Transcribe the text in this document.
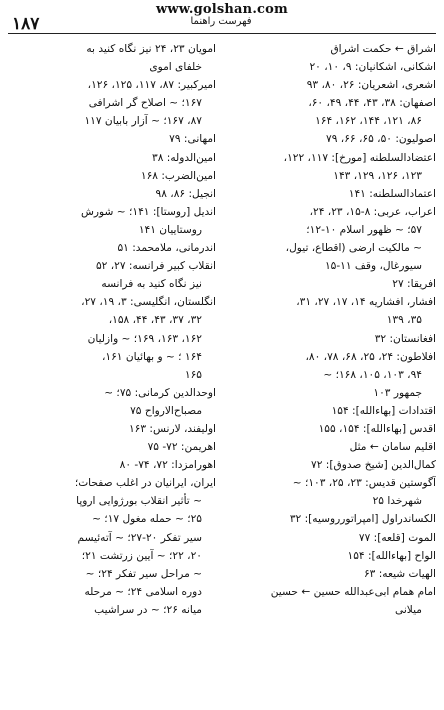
www.golshan.com
۱۸۷	فهرست راهنما
اشراق ← حکمت اشراق
اشکانی، اشکانیان: ۹، ۱۰، ۲۰
اشعری، اشعریان: ۲۶، ۸۰، ۹۳
اصفهان: ۳۸، ۴۳، ۴۴، ۴۹، ۶۰،
۸۶، ۱۲۱، ۱۴۴، ۱۶۲، ۱۶۴
اصولیون: ۵۰، ۶۵، ۶۶، ۷۹
اعتضادالسلطنه [مورخ]: ۱۱۷، ۱۲۲،
۱۲۳، ۱۲۶، ۱۲۹، ۱۴۳
اعتمادالسلطنه: ۱۴۱
اعراب، عربی: ۸-۱۵، ۲۳، ۲۴،
۵۷؛ ~ ظهور اسلام ۱۰-۱۲؛
~ مالکیت ارضی (اقطاع، تیول،
سیورغال، وقف ۱۱-۱۵
افریقا: ۲۷
افشار، افشاریه ۱۴، ۱۷، ۲۷، ۳۱،
۳۵، ۱۳۹
افغانستان: ۳۲
افلاطون: ۲۴، ۲۵، ۶۸، ۷۸، ۸۰،
۹۴، ۱۰۳، ۱۰۵، ۱۶۸؛ ~
جمهور ۱۰۳
اقتدادات [بهاءالله]: ۱۵۴
اقدس [بهاءالله]: ۱۵۴، ۱۵۵
اقلیم سامان ← مثل
کمال‌الدین [شیخ صدوق]: ۷۲
آگوستین قدیس: ۲۳، ۲۵، ۱۰۳؛ ~
شهرخدا ۲۵
الکساندراول [امپراتورروسیه]: ۳۲
الموت [قلعه]: ۷۷
الواح [بهاءالله]: ۱۵۴
الهیات شیعه: ۶۳
امام همام ابی‌عبدالله حسین ← حسین
میلانی
امویان ۲۳، ۲۴ نیز نگاه کنید به
خلفای اموی
امیرکبیر: ۸۷، ۱۱۷، ۱۲۵، ۱۲۶،
۱۶۷؛ ~ اصلاح گر اشرافی
۸۷، ۱۶۷؛ ~ آزار بابیان ۱۱۷
امهانی: ۷۹
امین‌الدوله: ۳۸
امین‌الضرب: ۱۶۸
انجیل: ۸۶، ۹۸
اندیل [روستا]: ۱۴۱؛ ~ شورش
روستاییان ۱۴۱
اندرمانی، ملامحمد: ۵۱
انقلاب کبیر فرانسه: ۲۷، ۵۲
نیز نگاه کنید به فرانسه
انگلستان، انگلیسی: ۳، ۱۹، ۲۷،
۳۲، ۳۷، ۴۳، ۴۴، ۱۵۸،
۱۶۲، ۱۶۳، ۱۶۹؛ ~ وازلیان
۱۶۴ ؛ ~ و بهائیان ۱۶۱،
۱۶۵
اوحدالدین کرمانی: ۷۵؛ ~
مصباح‌الارواح ۷۵
اولیفند، لارنس: ۱۶۳
اهریمن: ۷۲- ۷۵
اهورامزدا: ۷۲، ۷۴- ۸۰
ایران، ایرانیان در اغلب صفحات؛
~ تأثیر انقلاب بورژوایی اروپا
۲۵؛ ~ حمله مغول ۱۷؛ ~
سیر تفکر ۲۰-۲۷؛ ~ آته‌ئیسم
۲۰، ۲۲؛ ~ آیین زرتشت ۲۱؛
~ مراحل سیر تفکر ۲۴؛ ~
دوره اسلامی ۲۴؛ ~ مرحله
میانه ۲۶؛ ~ در سراشیب
